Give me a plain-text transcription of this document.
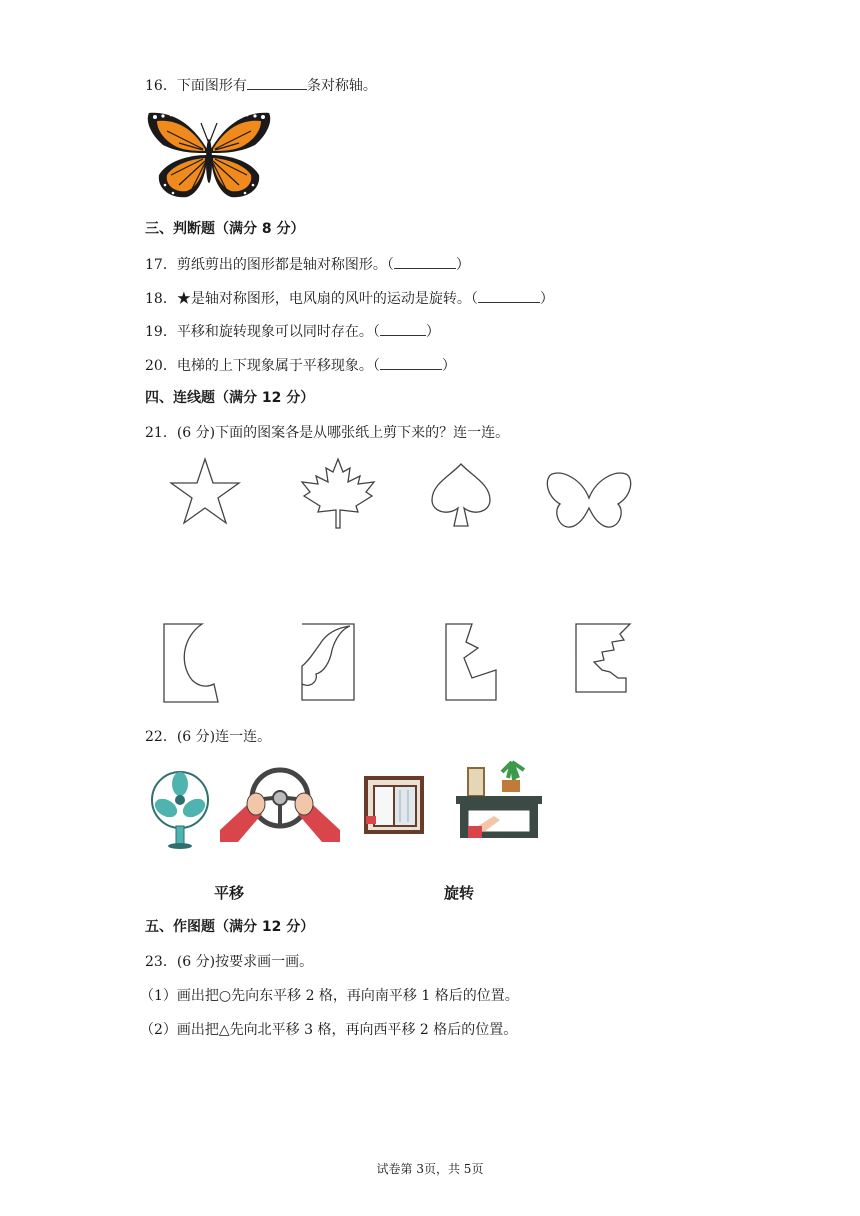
16．下面图形有	条对称轴。
三、判断题（满分 8 分）
17．剪纸剪出的图形都是轴对称图形。（	）
18．★是轴对称图形，电风扇的风叶的运动是旋转。（	）
19．平移和旋转现象可以同时存在。（	）
20．电梯的上下现象属于平移现象。（	）
四、连线题（满分 12 分）
21．(6 分)下面的图案各是从哪张纸上剪下来的？连一连。
22．(6 分)连一连。
平移	旋转
五、作图题（满分 12 分）
23．(6 分)按要求画一画。
（1）画出把○先向东平移 2 格，再向南平移 1 格后的位置。
（2）画出把△先向北平移 3 格，再向西平移 2 格后的位置。
试卷第 3页，共 5页
